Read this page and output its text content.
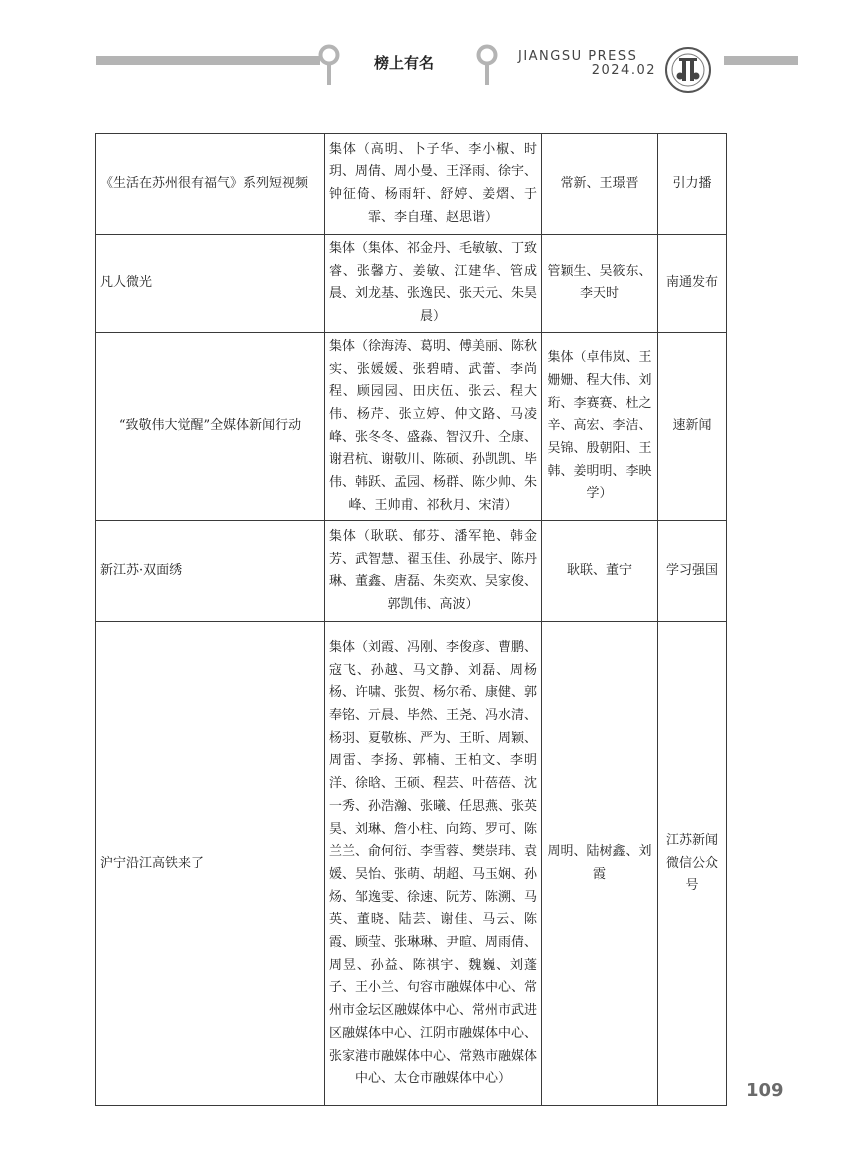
榜上有名	JIANGSU PRESS
2024.02
《生活在苏州很有福气》系列短视频	集体（高明、卜子华、李小椒、时玥、周倩、周小曼、王泽雨、徐宇、钟征倚、杨雨轩、舒婷、姜熠、于霏、李自瑾、赵思谐）	常新、王璟晋	引力播
凡人微光	集体（集体、祁金丹、毛敏敏、丁致睿、张馨方、姜敏、江建华、管成晨、刘龙基、张逸民、张天元、朱昊晨）	管颖生、吴筱东、李天时	南通发布
“致敬伟大觉醒”全媒体新闻行动	集体（徐海涛、葛明、傅美丽、陈秋实、张媛媛、张碧晴、武蕾、李尚程、顾园园、田庆伍、张云、程大伟、杨芹、张立婷、仲文路、马凌峰、张冬冬、盛淼、智汉升、仝康、谢君杭、谢敬川、陈硕、孙凯凯、毕伟、韩跃、孟园、杨群、陈少帅、朱峰、王帅甫、祁秋月、宋清）	集体（卓伟岚、王姗姗、程大伟、刘珩、李赛赛、杜之辛、高宏、李洁、吴锦、殷朝阳、王韩、姜明明、李映学）	速新闻
新江苏·双面绣	集体（耿联、郁芬、潘军艳、韩金芳、武智慧、翟玉佳、孙晟宇、陈丹琳、董鑫、唐磊、朱奕欢、吴家俊、郭凯伟、高波）	耿联、董宁	学习强国
沪宁沿江高铁来了	集体（刘霞、冯刚、李俊彦、曹鹏、寇飞、孙越、马文静、刘磊、周杨杨、许啸、张贺、杨尔希、康健、郭奉铭、亓晨、毕然、王尧、冯水清、杨羽、夏敬栋、严为、王昕、周颖、周雷、李扬、郭楠、王柏文、李明洋、徐晗、王硕、程芸、叶蓓蓓、沈一秀、孙浩瀚、张曦、任思燕、张英昊、刘琳、詹小柱、向筠、罗可、陈兰兰、俞何衍、李雪蓉、樊崇玮、袁媛、吴怡、张萌、胡超、马玉娴、孙炀、邹逸雯、徐速、阮芳、陈溯、马英、董晓、陆芸、谢佳、马云、陈霞、顾莹、张琳琳、尹暄、周雨倩、周昱、孙益、陈祺宇、魏巍、刘蓬子、王小兰、句容市融媒体中心、常州市金坛区融媒体中心、常州市武进区融媒体中心、江阴市融媒体中心、张家港市融媒体中心、常熟市融媒体中心、太仓市融媒体中心）	周明、陆树鑫、刘霞	江苏新闻微信公众号
109
